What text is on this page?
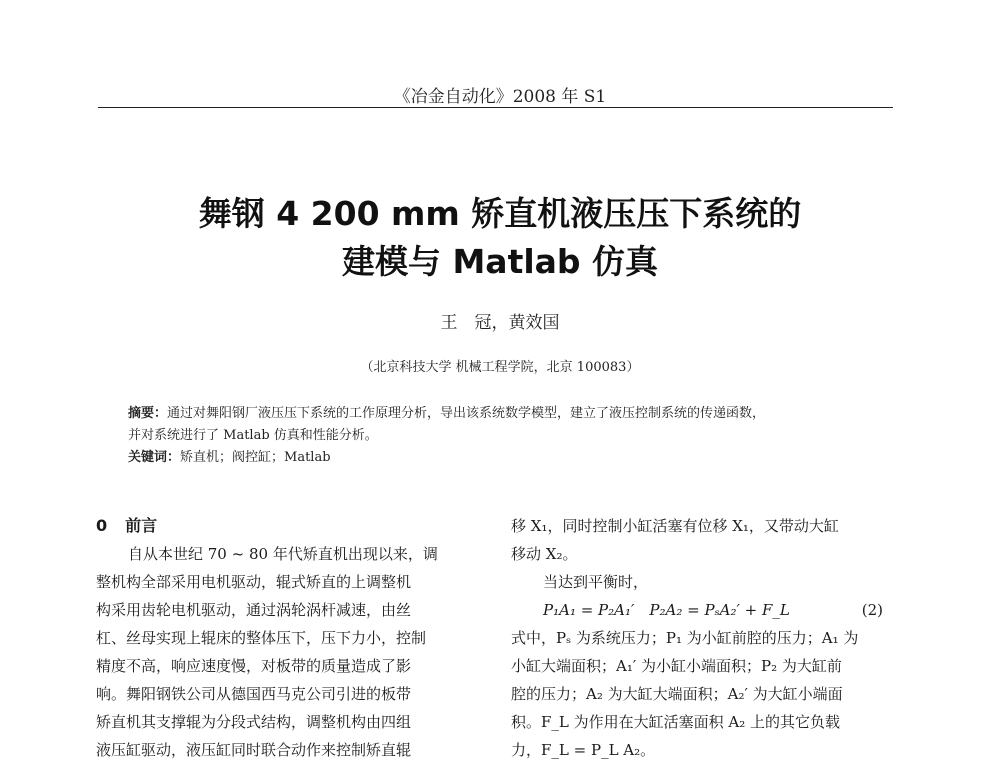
《冶金自动化》2008 年 S1
舞钢 4 200 mm 矫直机液压压下系统的
建模与 Matlab 仿真
王　冠，黄效国
（北京科技大学 机械工程学院，北京 100083）

摘要：通过对舞阳钢厂液压压下系统的工作原理分析，导出该系统数学模型，建立了液压控制系统的传递函数，

并对系统进行了 Matlab 仿真和性能分析。

关键词：矫直机；阀控缸；Matlab

0 前言

自从本世纪 70 ~ 80 年代矫直机出现以来，调

整机构全部采用电机驱动，辊式矫直的上调整机

构采用齿轮电机驱动，通过涡轮涡杆减速，由丝

杠、丝母实现上辊床的整体压下，压下力小，控制

精度不高，响应速度慢，对板带的质量造成了影

响。舞阳钢铁公司从德国西马克公司引进的板带

矫直机其支撑辊为分段式结构，调整机构由四组

液压缸驱动，液压缸同时联合动作来控制矫直辊

移 X₁，同时控制小缸活塞有位移 X₁，又带动大缸

移动 X₂。

当达到平衡时，

P₁A₁ = P₂A₁′　P₂A₂ = PₛA₂′ + F_L	(2)

式中，Pₛ 为系统压力；P₁ 为小缸前腔的压力；A₁ 为

小缸大端面积；A₁′ 为小缸小端面积；P₂ 为大缸前

腔的压力；A₂ 为大缸大端面积；A₂′ 为大缸小端面

积。F_L 为作用在大缸活塞面积 A₂ 上的其它负载

力，F_L = P_L A₂。
